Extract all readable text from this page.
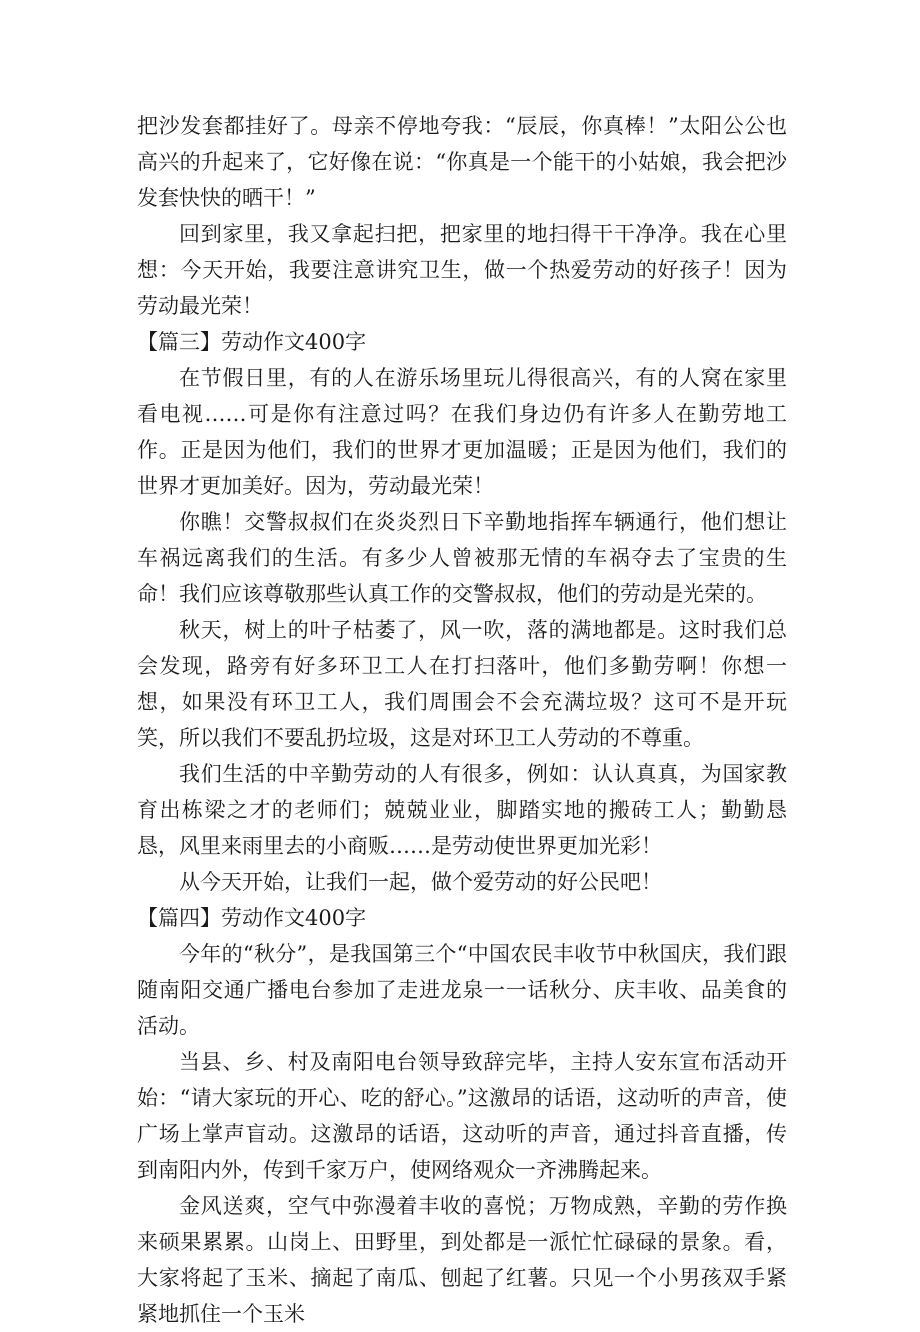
把沙发套都挂好了。母亲不停地夸我：“辰辰，你真棒！”太阳公公也高兴的升起来了，它好像在说：“你真是一个能干的小姑娘，我会把沙发套快快的晒干！”

回到家里，我又拿起扫把，把家里的地扫得干干净净。我在心里想：今天开始，我要注意讲究卫生，做一个热爱劳动的好孩子！因为劳动最光荣！

【篇三】劳动作文400字

在节假日里，有的人在游乐场里玩儿得很高兴，有的人窝在家里看电视……可是你有注意过吗？在我们身边仍有许多人在勤劳地工作。正是因为他们，我们的世界才更加温暖；正是因为他们，我们的世界才更加美好。因为，劳动最光荣！

你瞧！交警叔叔们在炎炎烈日下辛勤地指挥车辆通行，他们想让车祸远离我们的生活。有多少人曾被那无情的车祸夺去了宝贵的生命！我们应该尊敬那些认真工作的交警叔叔，他们的劳动是光荣的。

秋天，树上的叶子枯萎了，风一吹，落的满地都是。这时我们总会发现，路旁有好多环卫工人在打扫落叶，他们多勤劳啊！你想一想，如果没有环卫工人，我们周围会不会充满垃圾？这可不是开玩笑，所以我们不要乱扔垃圾，这是对环卫工人劳动的不尊重。

我们生活的中辛勤劳动的人有很多，例如：认认真真，为国家教育出栋梁之才的老师们；兢兢业业，脚踏实地的搬砖工人；勤勤恳恳，风里来雨里去的小商贩……是劳动使世界更加光彩！

从今天开始，让我们一起，做个爱劳动的好公民吧！

【篇四】劳动作文400字

今年的“秋分”，是我国第三个“中国农民丰收节中秋国庆，我们跟随南阳交通广播电台参加了走进龙泉一一话秋分、庆丰收、品美食的活动。

当县、乡、村及南阳电台领导致辞完毕，主持人安东宣布活动开始：“请大家玩的开心、吃的舒心。”这激昂的话语，这动听的声音，使广场上掌声盲动。这激昂的话语，这动听的声音，通过抖音直播，传到南阳内外，传到千家万户，使网络观众一齐沸腾起来。

金风送爽，空气中弥漫着丰收的喜悦；万物成熟，辛勤的劳作换来硕果累累。山岗上、田野里，到处都是一派忙忙碌碌的景象。看，大家将起了玉米、摘起了南瓜、刨起了红薯。只见一个小男孩双手紧紧地抓住一个玉米
